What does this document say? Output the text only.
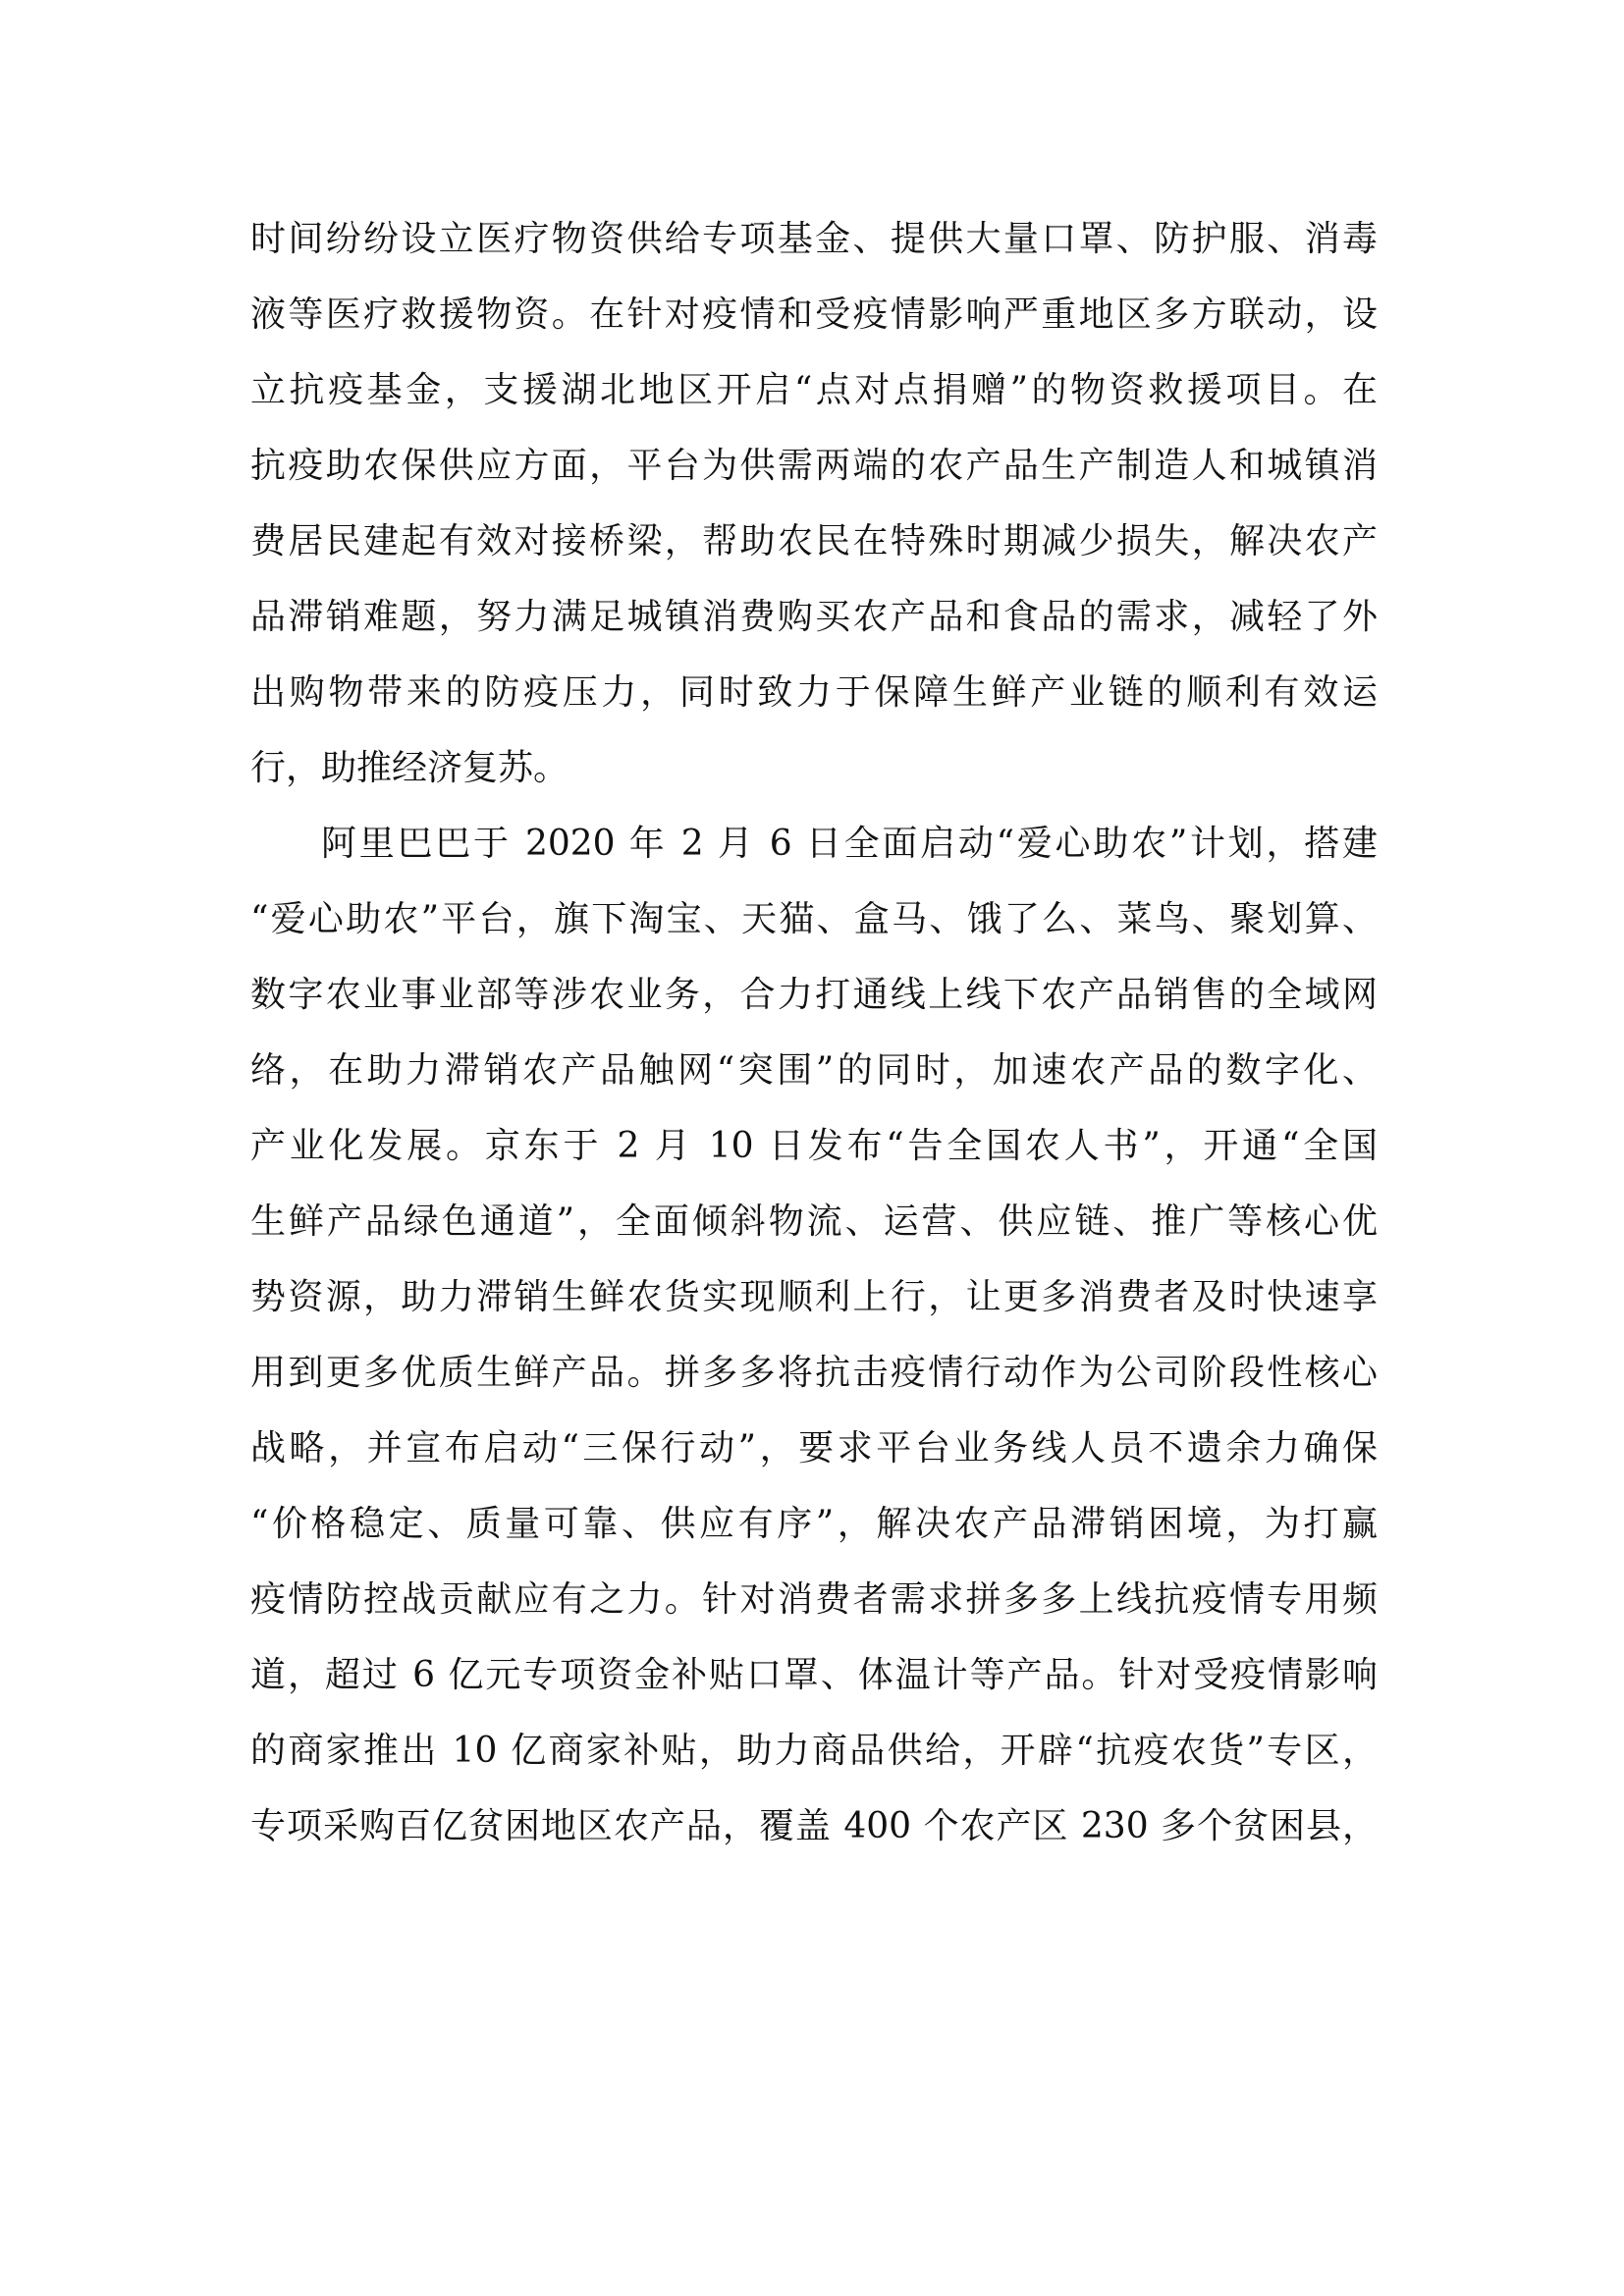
时间纷纷设立医疗物资供给专项基金、提供大量口罩、防护服、消毒
液等医疗救援物资。在针对疫情和受疫情影响严重地区多方联动，设
立抗疫基金，支援湖北地区开启“点对点捐赠”的物资救援项目。在
抗疫助农保供应方面，平台为供需两端的农产品生产制造人和城镇消
费居民建起有效对接桥梁，帮助农民在特殊时期减少损失，解决农产
品滞销难题，努力满足城镇消费购买农产品和食品的需求，减轻了外
出购物带来的防疫压力，同时致力于保障生鲜产业链的顺利有效运
行，助推经济复苏。
阿里巴巴于 2020 年 2 月 6 日全面启动“爱心助农”计划，搭建
“爱心助农”平台，旗下淘宝、天猫、盒马、饿了么、菜鸟、聚划算、
数字农业事业部等涉农业务，合力打通线上线下农产品销售的全域网
络，在助力滞销农产品触网“突围”的同时，加速农产品的数字化、
产业化发展。京东于 2 月 10 日发布“告全国农人书”，开通“全国
生鲜产品绿色通道”，全面倾斜物流、运营、供应链、推广等核心优
势资源，助力滞销生鲜农货实现顺利上行，让更多消费者及时快速享
用到更多优质生鲜产品。拼多多将抗击疫情行动作为公司阶段性核心
战略，并宣布启动“三保行动”，要求平台业务线人员不遗余力确保
“价格稳定、质量可靠、供应有序”，解决农产品滞销困境，为打赢
疫情防控战贡献应有之力。针对消费者需求拼多多上线抗疫情专用频
道，超过 6 亿元专项资金补贴口罩、体温计等产品。针对受疫情影响
的商家推出 10 亿商家补贴，助力商品供给，开辟“抗疫农货”专区，
专项采购百亿贫困地区农产品，覆盖 400 个农产区 230 多个贫困县，
